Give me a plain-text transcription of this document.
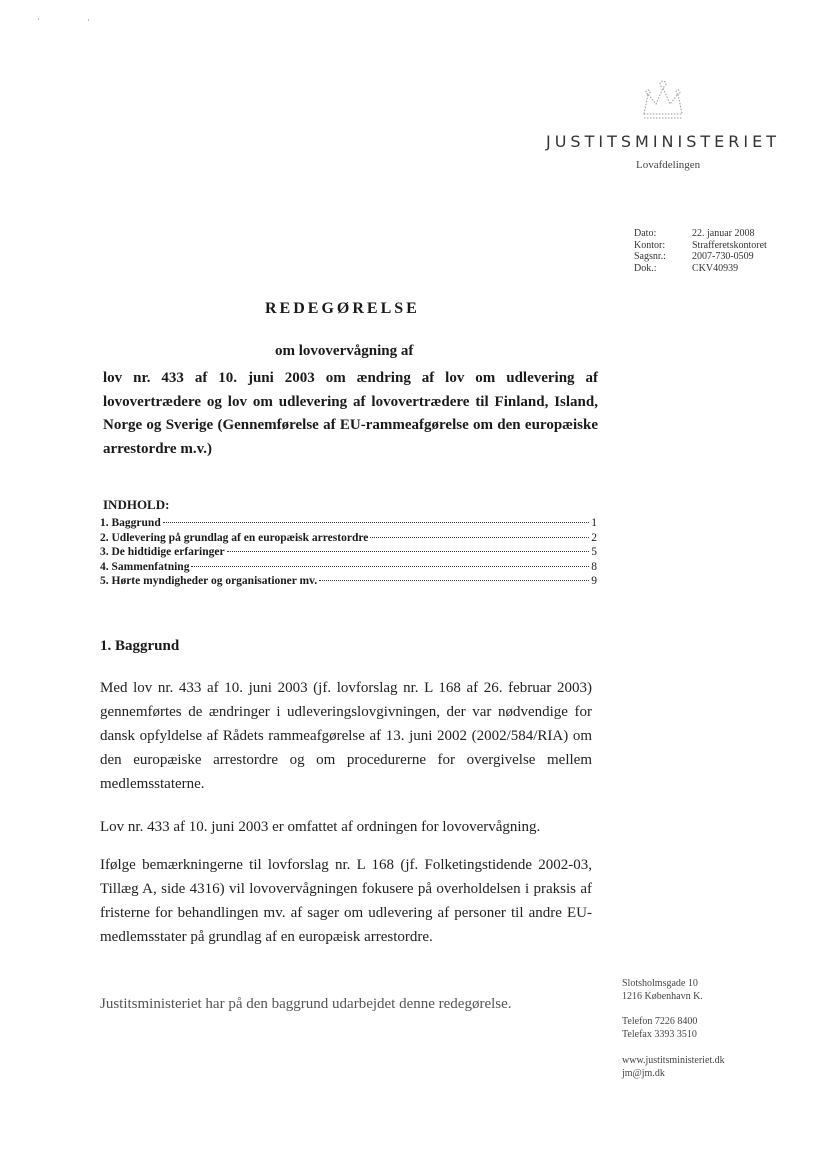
·	·
JUSTITSMINISTERIET
Lovafdelingen
Dato:	22. januar 2008
Kontor:	Strafferetskontoret
Sagsnr.:	2007-730-0509
Dok.:	CKV40939
REDEGØRELSE
om lovovervågning af
lov nr. 433 af 10. juni 2003 om ændring af lov om udlevering af lovovertrædere og lov om udlevering af lovovertrædere til Finland, Island, Norge og Sverige (Gennemførelse af EU-rammeafgørelse om den europæiske arrestordre m.v.)
INDHOLD:
1. Baggrund	1
2. Udlevering på grundlag af en europæisk arrestordre	2
3. De hidtidige erfaringer	5
4. Sammenfatning	8
5. Hørte myndigheder og organisationer mv.	9
1. Baggrund
Med lov nr. 433 af 10. juni 2003 (jf. lovforslag nr. L 168 af 26. februar 2003) gennemførtes de ændringer i udleveringslovgivningen, der var nødvendige for dansk opfyldelse af Rådets rammeafgørelse af 13. juni 2002 (2002/584/RIA) om den europæiske arrestordre og om procedurerne for overgivelse mellem medlemsstaterne.
Lov nr. 433 af 10. juni 2003 er omfattet af ordningen for lovovervågning.
Ifølge bemærkningerne til lovforslag nr. L 168 (jf. Folketingstidende 2002-03, Tillæg A, side 4316) vil lovovervågningen fokusere på overholdelsen i praksis af fristerne for behandlingen mv. af sager om udlevering af personer til andre EU-medlemsstater på grundlag af en europæisk arrestordre.
Justitsministeriet har på den baggrund udarbejdet denne redegørelse.
Slotsholmsgade 10
1216 København K.
Telefon 7226 8400
Telefax 3393 3510
www.justitsministeriet.dk
jm@jm.dk
